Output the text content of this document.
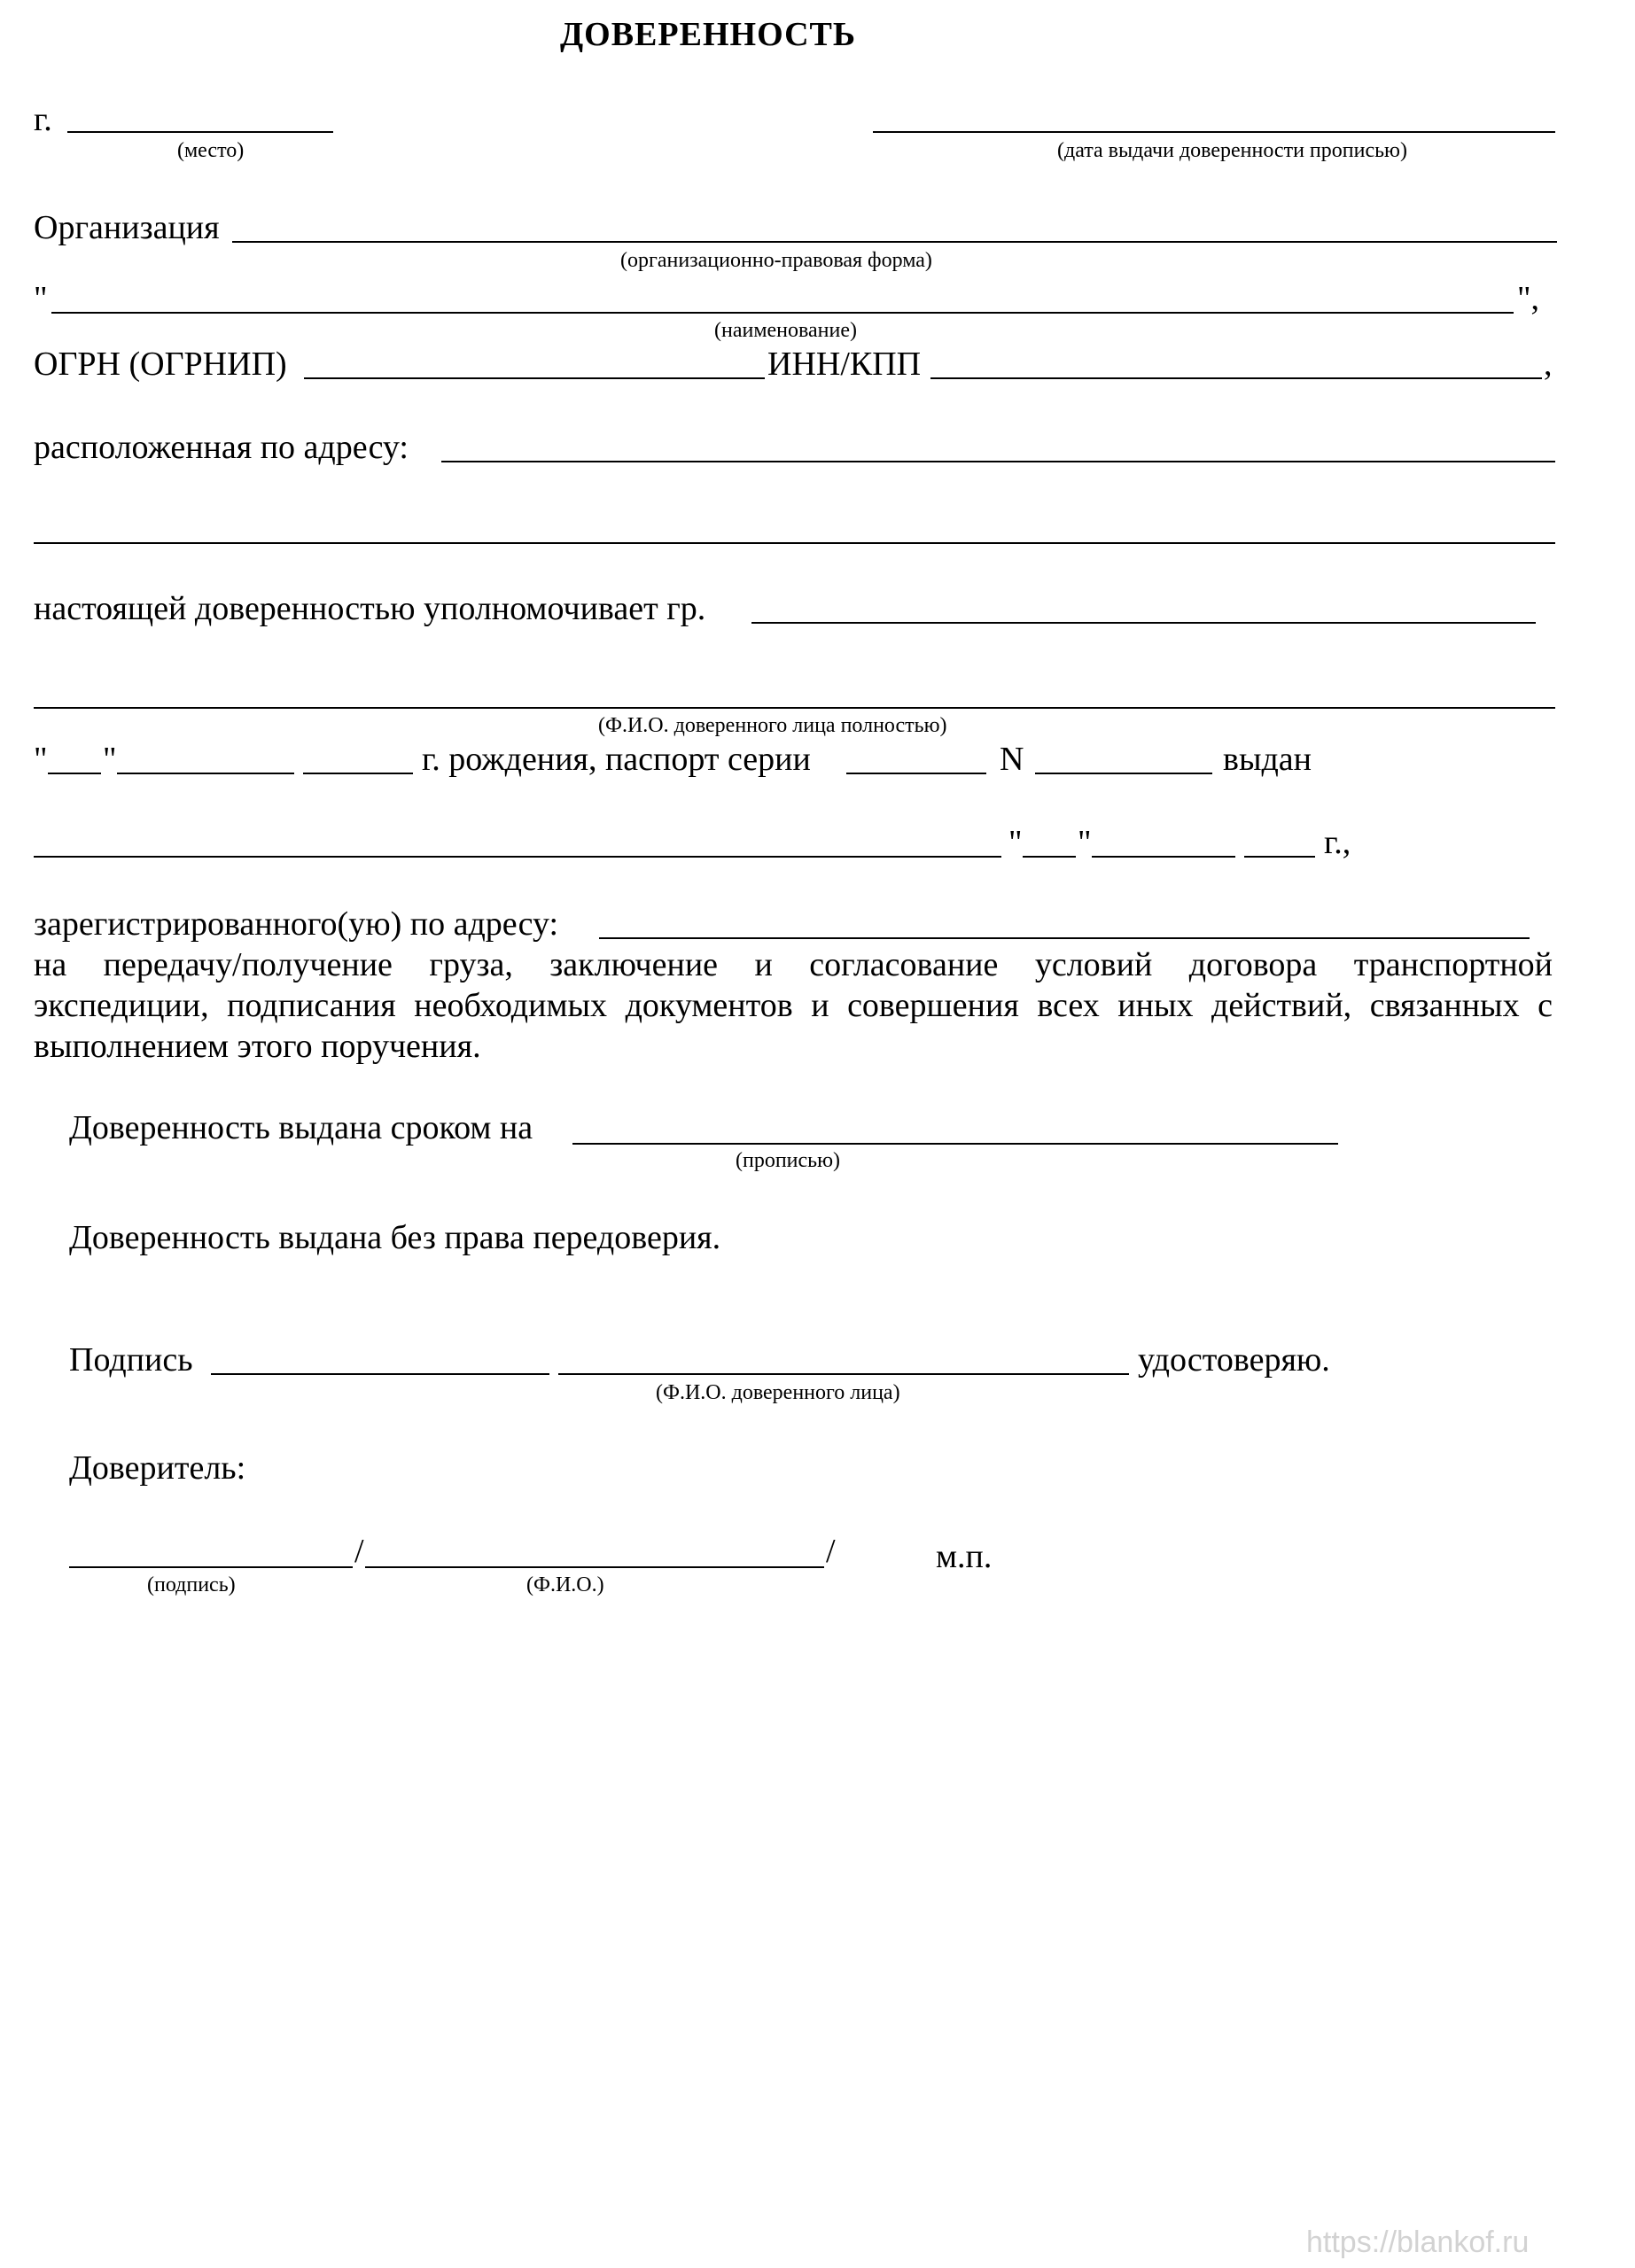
ДОВЕРЕННОСТЬ
г.
(место)	(дата выдачи доверенности прописью)
Организация
(организационно-правовая форма)
"	",
(наименование)
ОГРН (ОГРНИП)	ИНН/КПП	,
расположенная по адресу:
настоящей доверенностью уполномочивает гр.
(Ф.И.О. доверенного лица полностью)
" "	г. рождения, паспорт серии	N	выдан
" "	г.,
зарегистрированного(ую) по адресу:
на передачу/получение груза, заключение и согласование условий договора транспортной
экспедиции, подписания необходимых документов и совершения всех иных действий, связанных с
выполнением этого поручения.
Доверенность выдана сроком на
(прописью)
Доверенность выдана без права передоверия.
Подпись	удостоверяю.
(Ф.И.О. доверенного лица)
Доверитель:
/	/	м.п.
(подпись)	(Ф.И.О.)
https://blankof.ru
